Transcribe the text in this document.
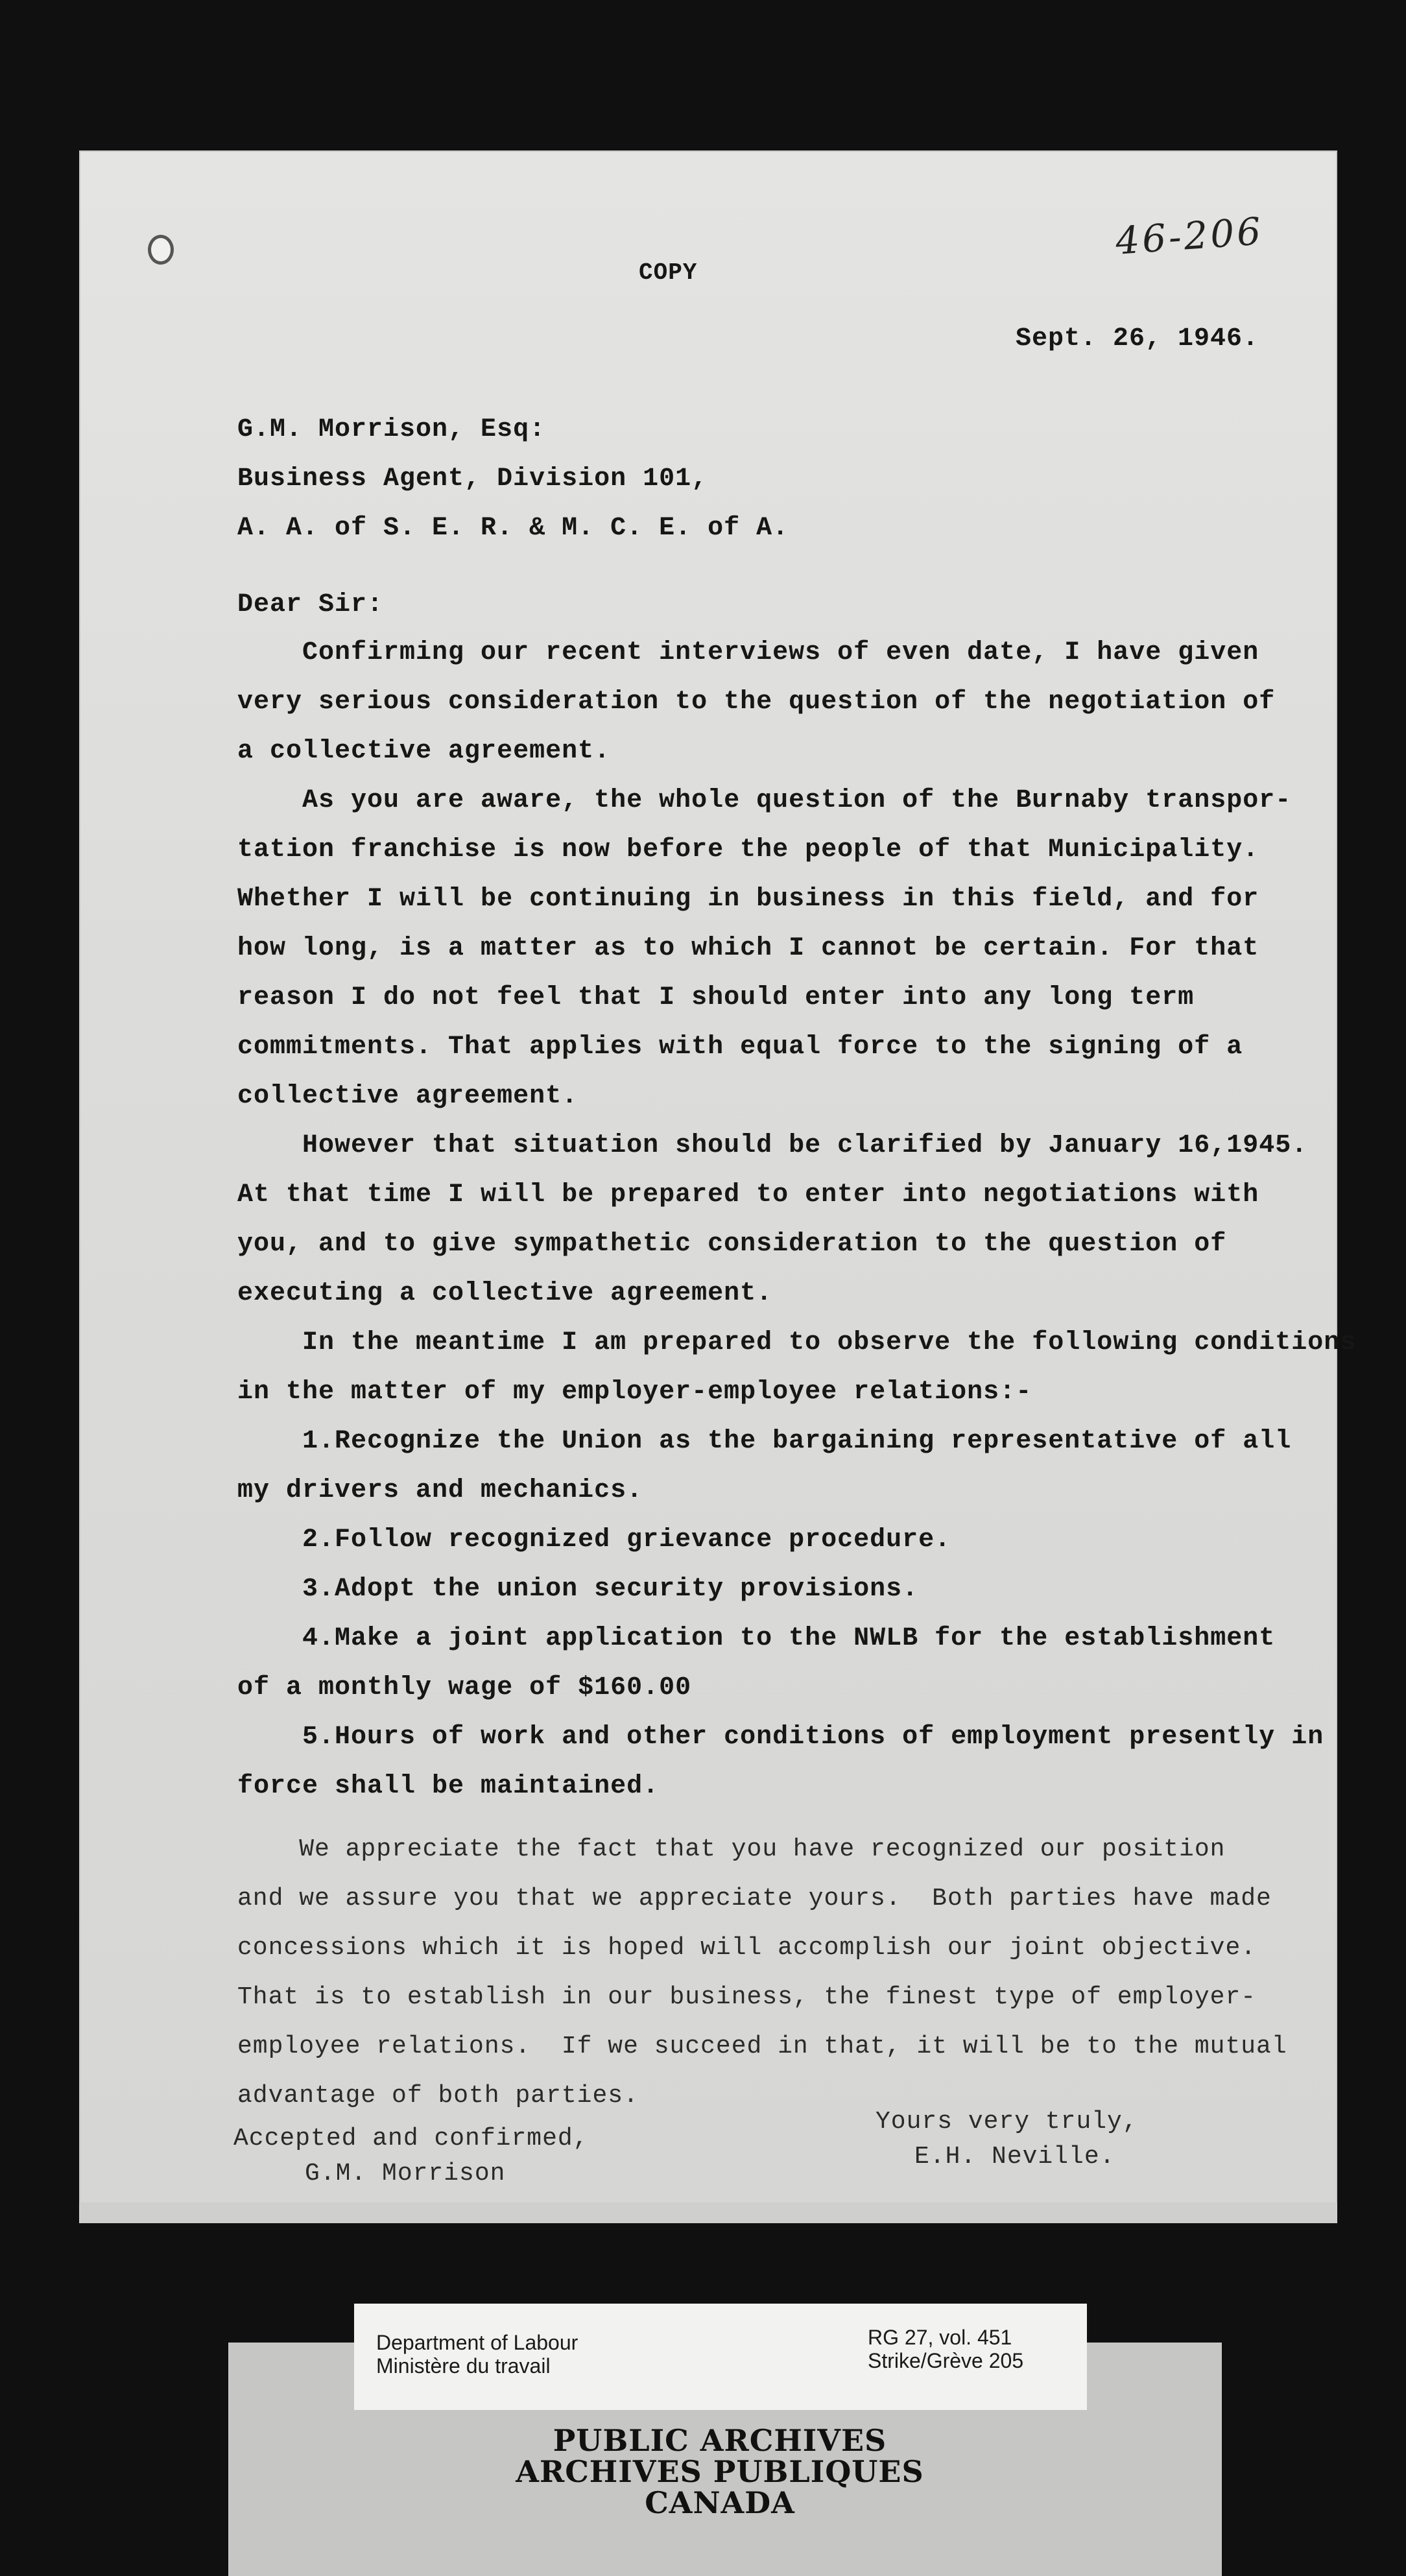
46-206
COPY
Sept. 26, 1946.
G.M. Morrison, Esq:
Business Agent, Division 101,
A. A. of S. E. R. & M. C. E. of A.
Dear Sir:
Confirming our recent interviews of even date, I have given
very serious consideration to the question of the negotiation of
a collective agreement.
As you are aware, the whole question of the Burnaby transpor-
tation franchise is now before the people of that Municipality.
Whether I will be continuing in business in this field, and for
how long, is a matter as to which I cannot be certain. For that
reason I do not feel that I should enter into any long term
commitments. That applies with equal force to the signing of a
collective agreement.
However that situation should be clarified by January 16,1945.
At that time I will be prepared to enter into negotiations with
you, and to give sympathetic consideration to the question of
executing a collective agreement.
In the meantime I am prepared to observe the following conditions
in the matter of my employer-employee relations:-
1.Recognize the Union as the bargaining representative of all
my drivers and mechanics.
2.Follow recognized grievance procedure.
3.Adopt the union security provisions.
4.Make a joint application to the NWLB for the establishment
of a monthly wage of $160.00
5.Hours of work and other conditions of employment presently in
force shall be maintained.
We appreciate the fact that you have recognized our position
and we assure you that we appreciate yours.  Both parties have made
concessions which it is hoped will accomplish our joint objective.
That is to establish in our business, the finest type of employer-
employee relations.  If we succeed in that, it will be to the mutual
advantage of both parties.
Accepted and confirmed,
G.M. Morrison
Yours very truly,
E.H. Neville.
Department of Labour
Ministère du travail
RG 27, vol. 451
Strike/Grève 205
PUBLIC ARCHIVES
ARCHIVES PUBLIQUES
CANADA
